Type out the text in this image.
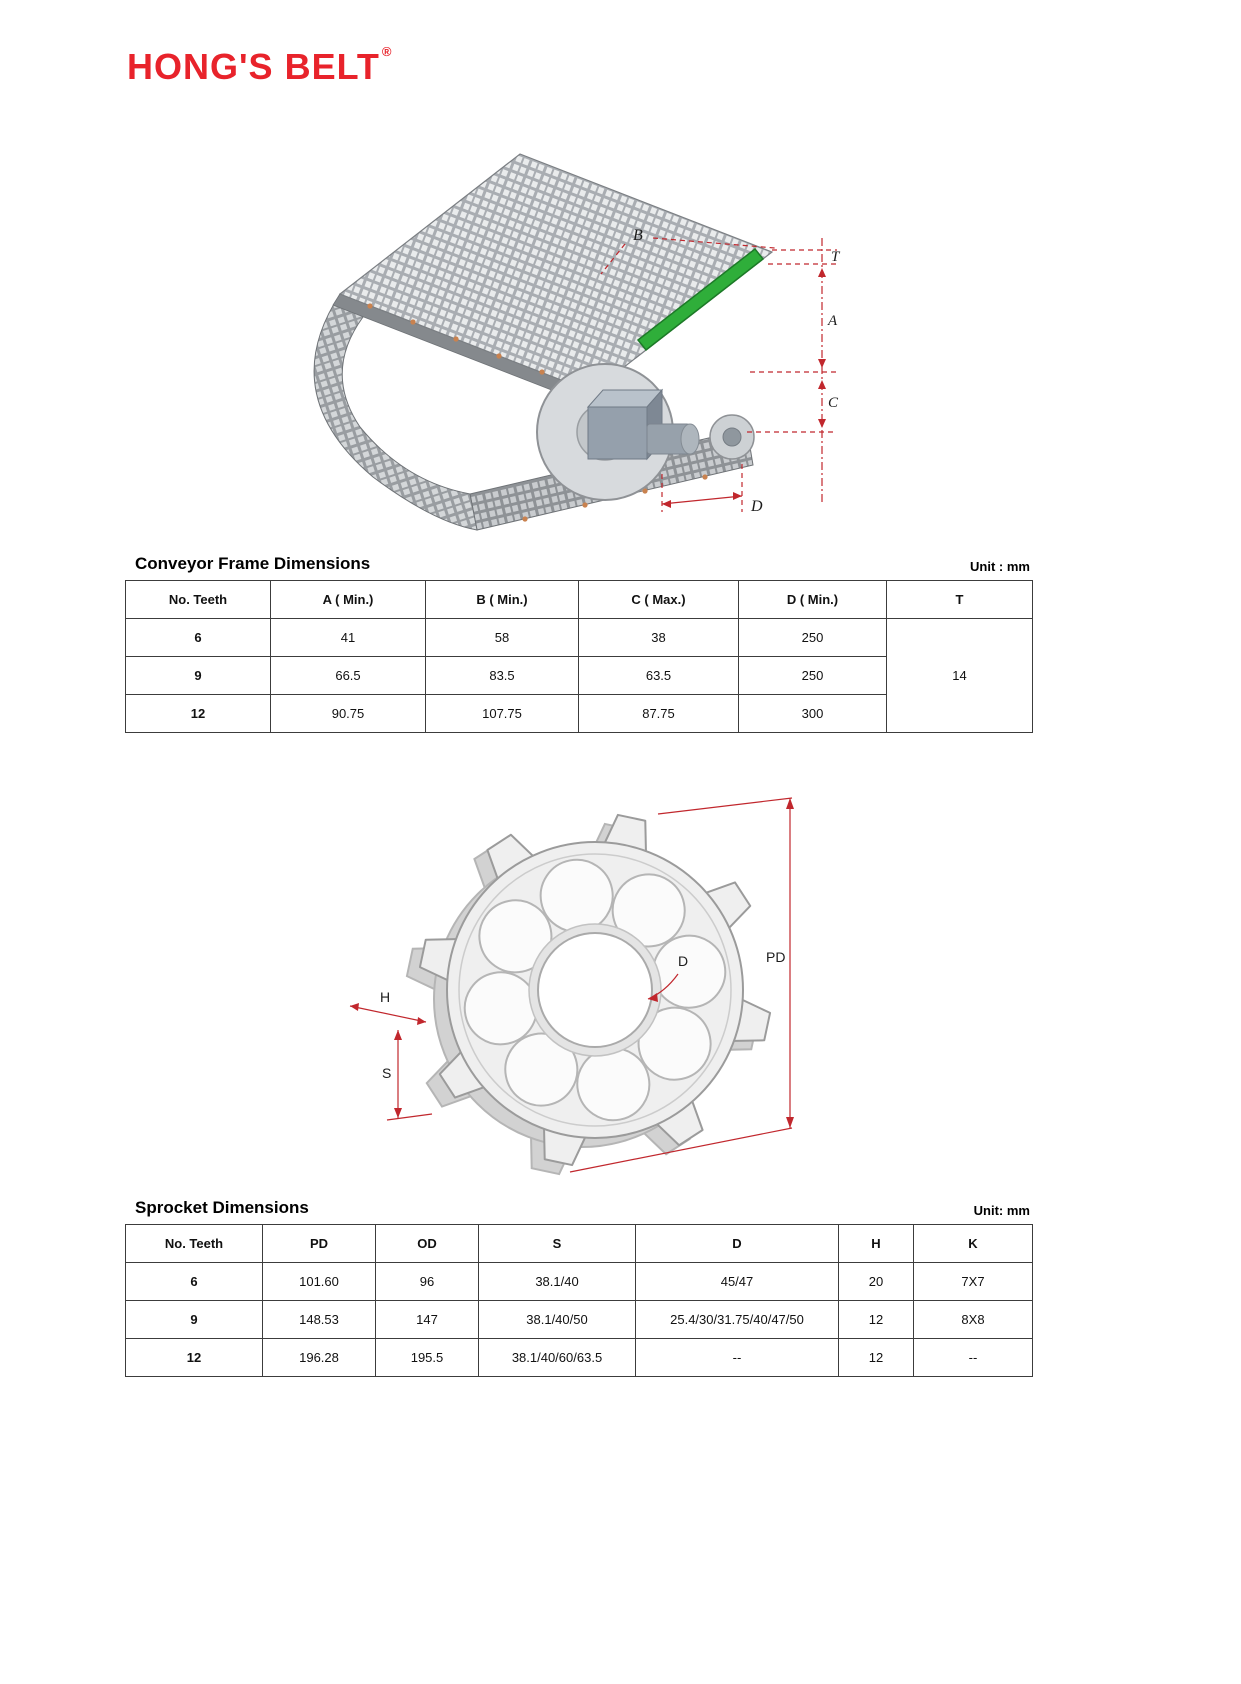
HONG'S BELT ®
B
T
A
C
D
Conveyor Frame Dimensions	Unit : mm
No. Teeth	A ( Min.)	B ( Min.)	C ( Max.)	D ( Min.)	T
6	41	58	38	250	14
9	66.5	83.5	63.5	250	
12	90.75	107.75	87.75	300	
D	PD
H
S
Sprocket Dimensions	Unit: mm
No. Teeth	PD	OD	S	D	H	K
6	101.60	96	38.1/40	45/47	20	7X7
9	148.53	147	38.1/40/50	25.4/30/31.75/40/47/50	12	8X8
12	196.28	195.5	38.1/40/60/63.5	--	12	--
